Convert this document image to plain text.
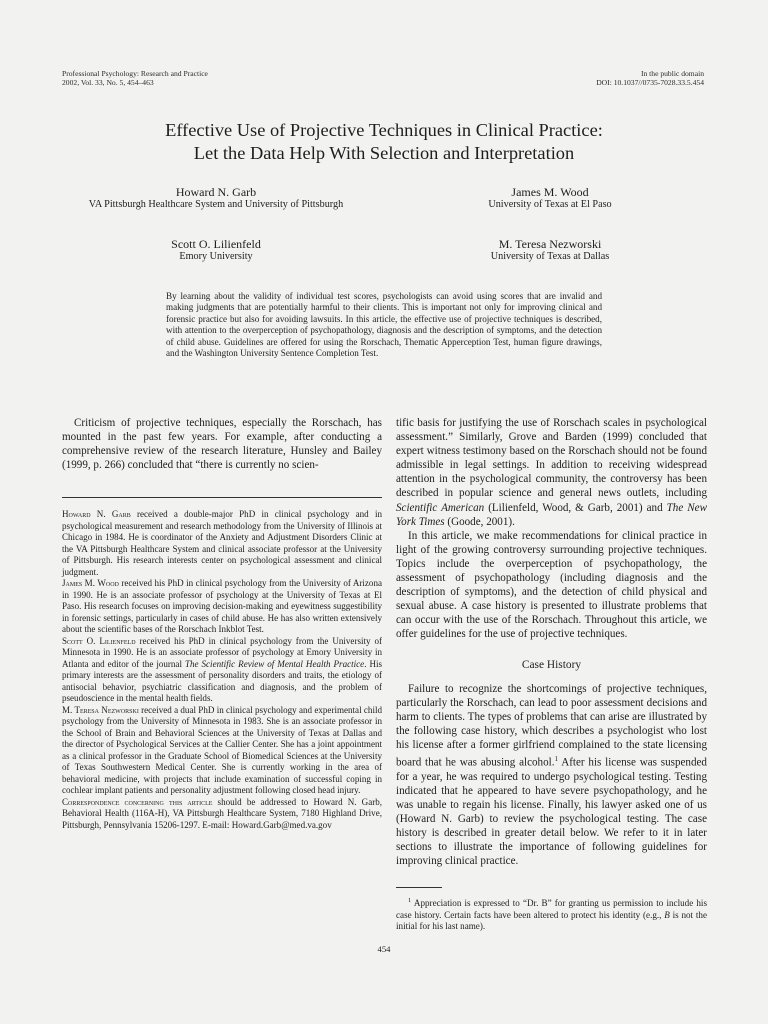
Professional Psychology: Research and Practice
2002, Vol. 33, No. 5, 454–463
In the public domain
DOI: 10.1037//0735-7028.33.5.454
Effective Use of Projective Techniques in Clinical Practice:
Let the Data Help With Selection and Interpretation
Howard N. Garb
VA Pittsburgh Healthcare System and University of Pittsburgh
James M. Wood
University of Texas at El Paso
Scott O. Lilienfeld
Emory University
M. Teresa Nezworski
University of Texas at Dallas
By learning about the validity of individual test scores, psychologists can avoid using scores that are invalid and making judgments that are potentially harmful to their clients. This is important not only for improving clinical and forensic practice but also for avoiding lawsuits. In this article, the effective use of projective techniques is described, with attention to the overperception of psychopathology, diagnosis and the description of symptoms, and the detection of child abuse. Guidelines are offered for using the Rorschach, Thematic Apperception Test, human figure drawings, and the Washington University Sentence Completion Test.

Criticism of projective techniques, especially the Rorschach, has mounted in the past few years. For example, after conducting a comprehensive review of the research literature, Hunsley and Bailey (1999, p. 266) concluded that “there is currently no scien-

Howard N. Garb received a double-major PhD in clinical psychology and in psychological measurement and research methodology from the University of Illinois at Chicago in 1984. He is coordinator of the Anxiety and Adjustment Disorders Clinic at the VA Pittsburgh Healthcare System and clinical associate professor at the University of Pittsburgh. His research interests center on psychological assessment and clinical judgment.

James M. Wood received his PhD in clinical psychology from the University of Arizona in 1990. He is an associate professor of psychology at the University of Texas at El Paso. His research focuses on improving decision-making and eyewitness suggestibility in forensic settings, particularly in cases of child abuse. He has also written extensively about the scientific bases of the Rorschach Inkblot Test.

Scott O. Lilienfeld received his PhD in clinical psychology from the University of Minnesota in 1990. He is an associate professor of psychology at Emory University in Atlanta and editor of the journal The Scientific Review of Mental Health Practice. His primary interests are the assessment of personality disorders and traits, the etiology of antisocial behavior, psychiatric classification and diagnosis, and the problem of pseudoscience in the mental health fields.

M. Teresa Nezworski received a dual PhD in clinical psychology and experimental child psychology from the University of Minnesota in 1983. She is an associate professor in the School of Brain and Behavioral Sciences at the University of Texas at Dallas and the director of Psychological Services at the Callier Center. She has a joint appointment as a clinical professor in the Graduate School of Biomedical Sciences at the University of Texas Southwestern Medical Center. She is currently working in the area of behavioral medicine, with projects that include examination of successful coping in cochlear implant patients and personality adjustment following closed head injury.

Correspondence concerning this article should be addressed to Howard N. Garb, Behavioral Health (116A-H), VA Pittsburgh Healthcare System, 7180 Highland Drive, Pittsburgh, Pennsylvania 15206-1297. E-mail: Howard.Garb@med.va.gov

tific basis for justifying the use of Rorschach scales in psychological assessment.” Similarly, Grove and Barden (1999) concluded that expert witness testimony based on the Rorschach should not be found admissible in legal settings. In addition to receiving widespread attention in the psychological community, the controversy has been described in popular science and general news outlets, including Scientific American (Lilienfeld, Wood, & Garb, 2001) and The New York Times (Goode, 2001).

In this article, we make recommendations for clinical practice in light of the growing controversy surrounding projective techniques. Topics include the overperception of psychopathology, the assessment of psychopathology (including diagnosis and the description of symptoms), and the detection of child physical and sexual abuse. A case history is presented to illustrate problems that can occur with the use of the Rorschach. Throughout this article, we offer guidelines for the use of projective techniques.

Case History

Failure to recognize the shortcomings of projective techniques, particularly the Rorschach, can lead to poor assessment decisions and harm to clients. The types of problems that can arise are illustrated by the following case history, which describes a psychologist who lost his license after a former girlfriend complained to the state licensing board that he was abusing alcohol.$^1$ After his license was suspended for a year, he was required to undergo psychological testing. Testing indicated that he appeared to have severe psychopathology, and he was unable to regain his license. Finally, his lawyer asked one of us (Howard N. Garb) to review the psychological testing. The case history is described in greater detail below. We refer to it in later sections to illustrate the importance of following guidelines for improving clinical practice.

$^1$ Appreciation is expressed to “Dr. B” for granting us permission to include his case history. Certain facts have been altered to protect his identity (e.g., B is not the initial for his last name).
454
